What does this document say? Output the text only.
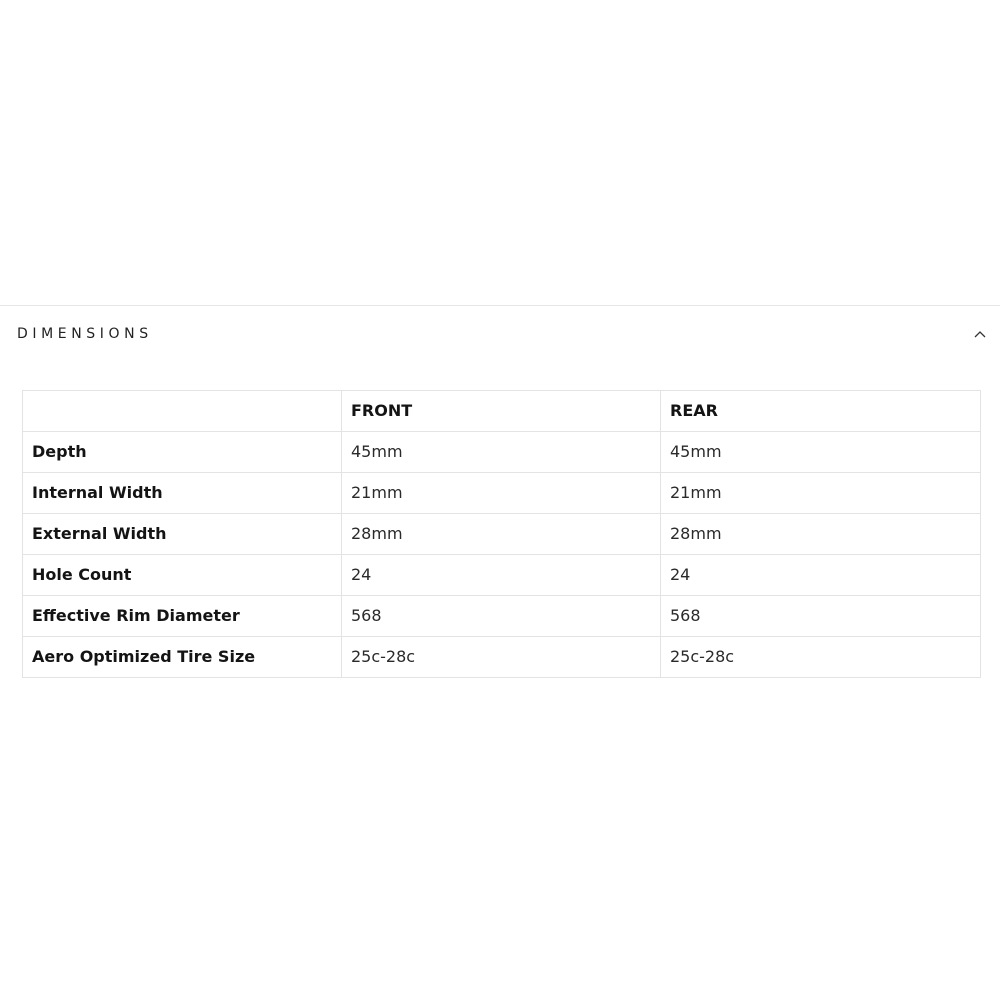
DIMENSIONS
	FRONT	REAR
Depth	45mm	45mm
Internal Width	21mm	21mm
External Width	28mm	28mm
Hole Count	24	24
Effective Rim Diameter	568	568
Aero Optimized Tire Size	25c-28c	25c-28c
